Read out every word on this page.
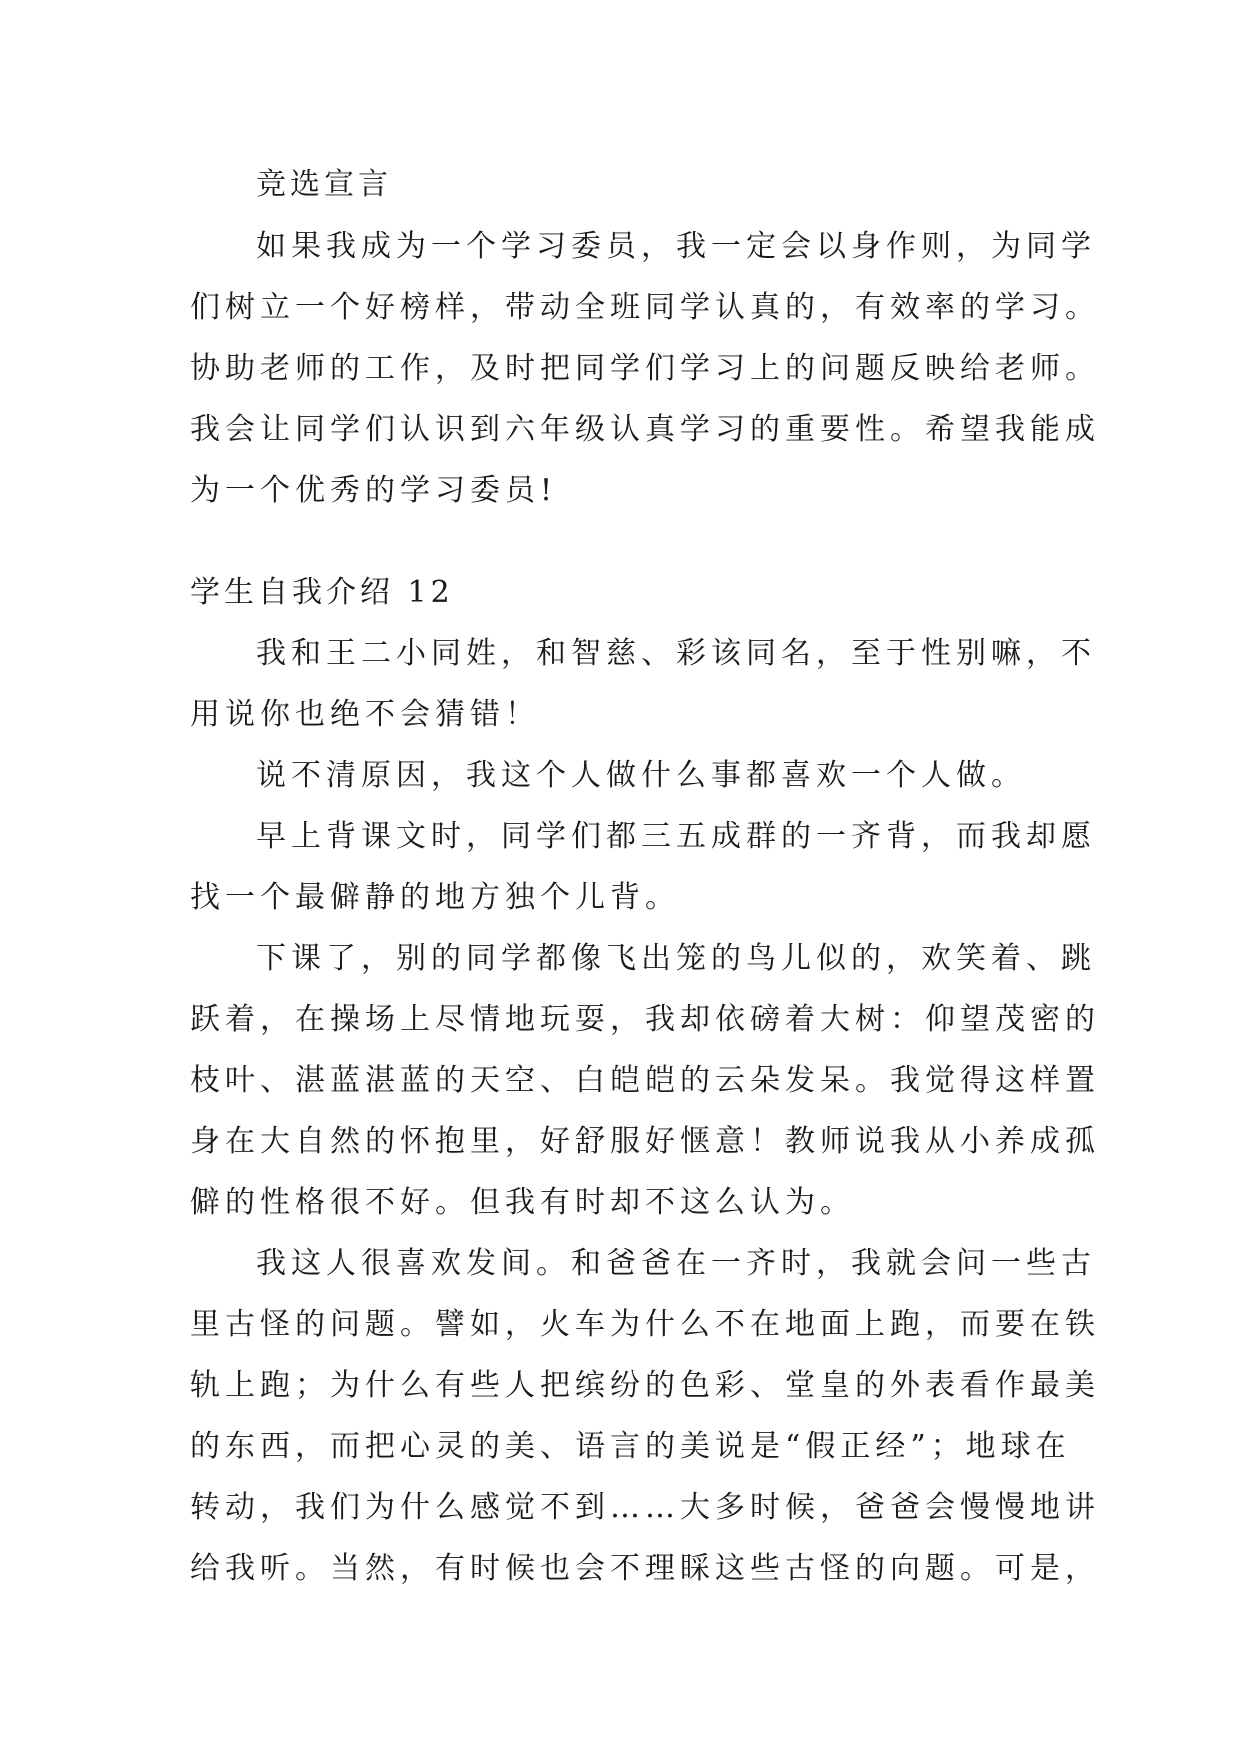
竞选宣言
如果我成为一个学习委员，我一定会以身作则，为同学
们树立一个好榜样，带动全班同学认真的，有效率的学习。
协助老师的工作，及时把同学们学习上的问题反映给老师。
我会让同学们认识到六年级认真学习的重要性。希望我能成
为一个优秀的学习委员!
学生自我介绍 12
我和王二小同姓，和智慈、彩该同名，至于性别嘛，不
用说你也绝不会猜错！
说不清原因，我这个人做什么事都喜欢一个人做。
早上背课文时，同学们都三五成群的一齐背，而我却愿
找一个最僻静的地方独个儿背。
下课了，别的同学都像飞出笼的鸟儿似的，欢笑着、跳
跃着，在操场上尽情地玩耍，我却依磅着大树：仰望茂密的
枝叶、湛蓝湛蓝的天空、白皑皑的云朵发呆。我觉得这样置
身在大自然的怀抱里，好舒服好惬意！教师说我从小养成孤
僻的性格很不好。但我有时却不这么认为。
我这人很喜欢发间。和爸爸在一齐时，我就会问一些古
里古怪的问题。譬如，火车为什么不在地面上跑，而要在铁
轨上跑；为什么有些人把缤纷的色彩、堂皇的外表看作最美
的东西，而把心灵的美、语言的美说是“假正经”；地球在
转动，我们为什么感觉不到……大多时候，爸爸会慢慢地讲
给我听。当然，有时候也会不理睬这些古怪的向题。可是，
